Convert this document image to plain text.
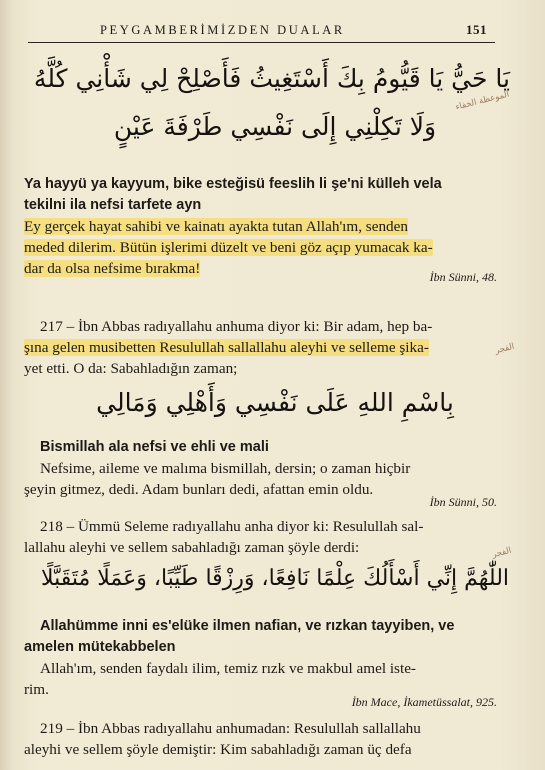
PEYGAMBERİMİZDEN DUALAR	151
يَا حَيُّ يَا قَيُّومُ بِكَ أَسْتَغِيثُ فَأَصْلِحْ لِي شَأْنِي كُلَّهُ
وَلَا تَكِلْنِي إِلَى نَفْسِي طَرْفَةَ عَيْنٍ
Ya hayyü ya kayyum, bike esteğisü feeslih li şe'ni külleh vela
tekilni ila nefsi tarfete ayn
Ey gerçek hayat sahibi ve kainatı ayakta tutan Allah'ım, senden
meded dilerim. Bütün işlerimi düzelt ve beni göz açıp yumacak ka-
dar da olsa nefsime bırakma!	İbn Sünni, 48.
217 – İbn Abbas radıyallahu anhuma diyor ki: Bir adam, hep ba-
şına gelen musibetten Resulullah sallallahu aleyhi ve selleme şika-
yet etti. O da: Sabahladığın zaman;
بِاسْمِ اللهِ عَلَى نَفْسِي وَأَهْلِي وَمَالِي
Bismillah ala nefsi ve ehli ve mali
Nefsime, aileme ve malıma bismillah, dersin; o zaman hiçbir
şeyin gitmez, dedi. Adam bunları dedi, afattan emin oldu.
İbn Sünni, 50.
218 – Ümmü Seleme radıyallahu anha diyor ki: Resulullah sal-
lallahu aleyhi ve sellem sabahladığı zaman şöyle derdi:
اللّٰهُمَّ إِنِّي أَسْأَلُكَ عِلْمًا نَافِعًا، وَرِزْقًا طَيِّبًا، وَعَمَلًا مُتَقَبَّلًا
Allahümme inni es'elüke ilmen nafian, ve rızkan tayyiben, ve
amelen mütekabbelen
Allah'ım, senden faydalı ilim, temiz rızk ve makbul amel iste-
rim.
İbn Mace, İkametüssalat, 925.
219 – İbn Abbas radıyallahu anhumadan: Resulullah sallallahu
aleyhi ve sellem şöyle demiştir: Kim sabahladığı zaman üç defa
الموعظة الخفاء
الفجر
الفجر
